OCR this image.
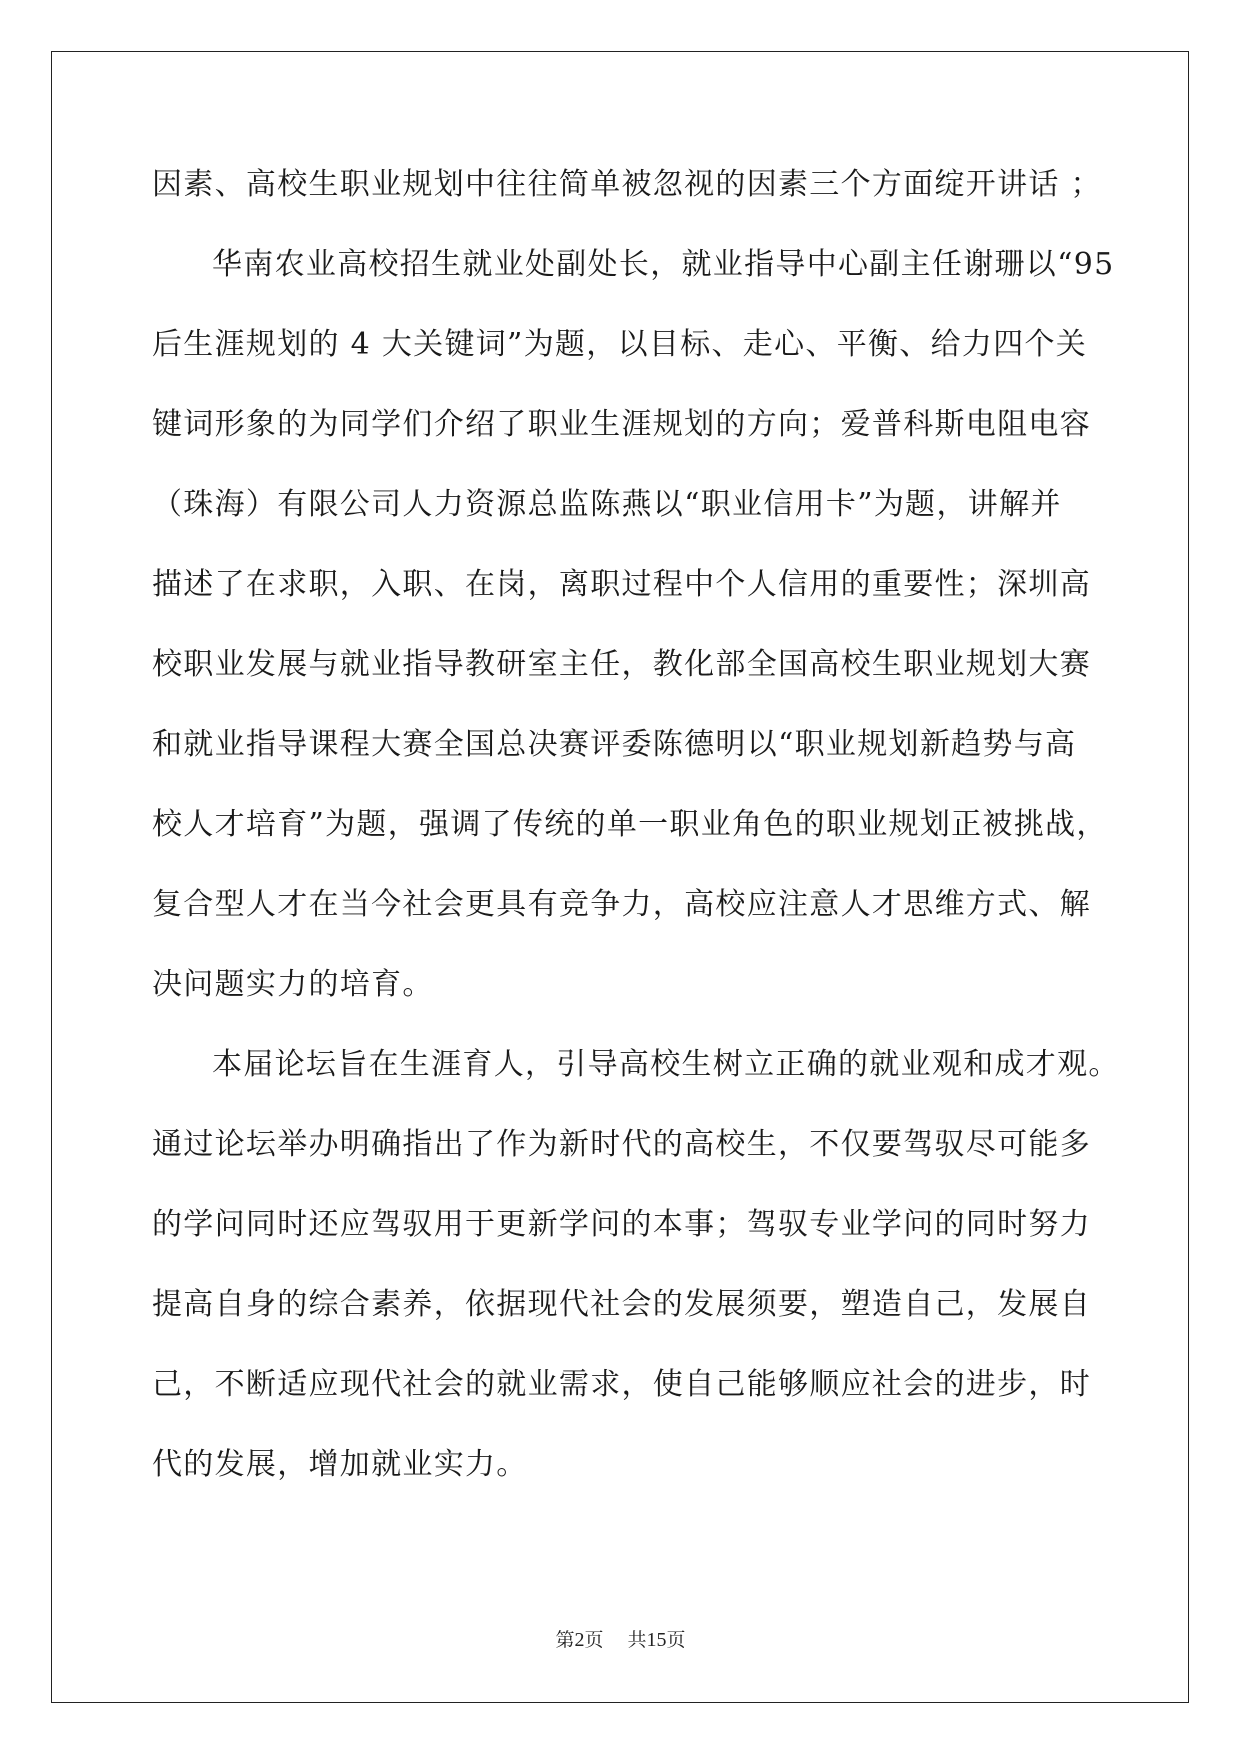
因素、高校生职业规划中往往简单被忽视的因素三个方面绽开讲话 ；
华南农业高校招生就业处副处长，就业指导中心副主任谢珊以“95
后生涯规划的 4 大关键词”为题，以目标、走心、平衡、给力四个关
键词形象的为同学们介绍了职业生涯规划的方向；爱普科斯电阻电容
（珠海）有限公司人力资源总监陈燕以“职业信用卡”为题，讲解并
描述了在求职，入职、在岗，离职过程中个人信用的重要性；深圳高
校职业发展与就业指导教研室主任，教化部全国高校生职业规划大赛
和就业指导课程大赛全国总决赛评委陈德明以“职业规划新趋势与高
校人才培育”为题，强调了传统的单一职业角色的职业规划正被挑战，
复合型人才在当今社会更具有竞争力，高校应注意人才思维方式、解
决问题实力的培育。
本届论坛旨在生涯育人，引导高校生树立正确的就业观和成才观。
通过论坛举办明确指出了作为新时代的高校生，不仅要驾驭尽可能多
的学问同时还应驾驭用于更新学问的本事；驾驭专业学问的同时努力
提高自身的综合素养，依据现代社会的发展须要，塑造自己，发展自
己，不断适应现代社会的就业需求，使自己能够顺应社会的进步，时
代的发展，增加就业实力。
第2页 共15页
